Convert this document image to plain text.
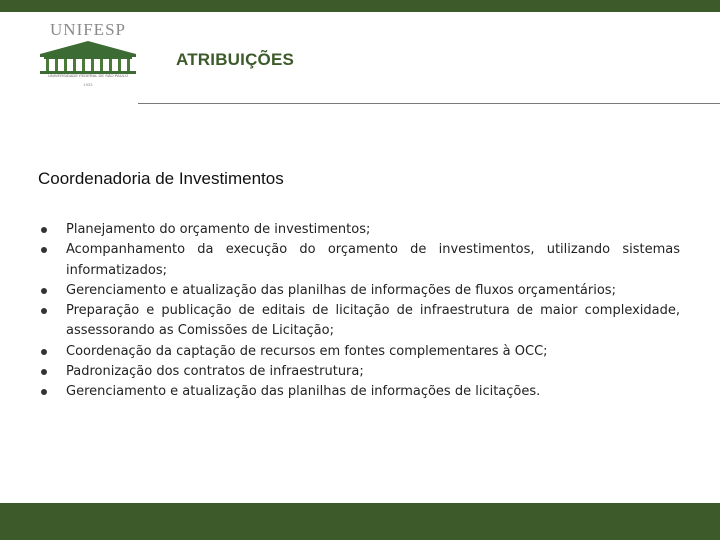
UNIFESP
UNIVERSIDADE FEDERAL DE SÃO PAULO
1933
ATRIBUIÇÕES
Coordenadoria de Investimentos
Planejamento do orçamento de investimentos;
Acompanhamento da execução do orçamento de investimentos, utilizando sistemas informatizados;
Gerenciamento e atualização das planilhas de informações de fluxos orçamentários;
Preparação e publicação de editais de licitação de infraestrutura de maior complexidade, assessorando as Comissões de Licitação;
Coordenação da captação de recursos em fontes complementares à OCC;
Padronização dos contratos de infraestrutura;
Gerenciamento e atualização das planilhas de informações de licitações.
